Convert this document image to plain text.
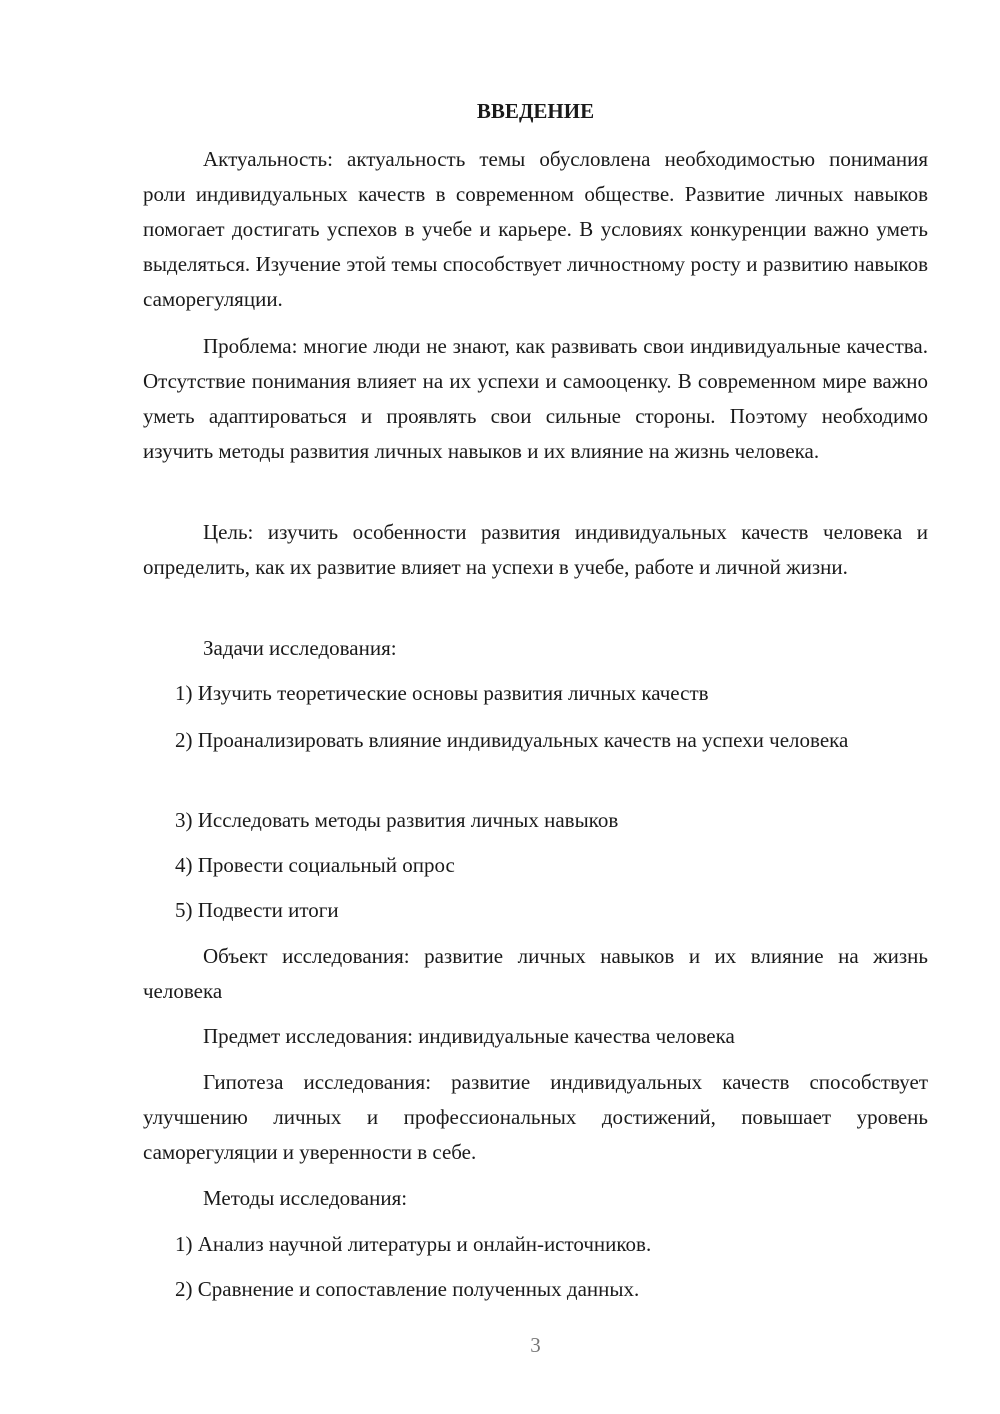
ВВЕДЕНИЕ

Актуальность: актуальность темы обусловлена необходимостью понимания роли индивидуальных качеств в современном обществе. Развитие личных навыков помогает достигать успехов в учебе и карьере. В условиях конкуренции важно уметь выделяться. Изучение этой темы способствует личностному росту и развитию навыков саморегуляции.

Проблема: многие люди не знают, как развивать свои индивидуальные качества. Отсутствие понимания влияет на их успехи и самооценку. В современном мире важно уметь адаптироваться и проявлять свои сильные стороны. Поэтому необходимо изучить методы развития личных навыков и их влияние на жизнь человека.

Цель: изучить особенности развития индивидуальных качеств человека и определить, как их развитие влияет на успехи в учебе, работе и личной жизни.

Задачи исследования:

1) Изучить теоретические основы развития личных качеств

2) Проанализировать влияние индивидуальных качеств на успехи человека

3) Исследовать методы развития личных навыков

4) Провести социальный опрос

5) Подвести итоги

Объект исследования: развитие личных навыков и их влияние на жизнь человека

Предмет исследования: индивидуальные качества человека

Гипотеза исследования: развитие индивидуальных качеств способствует улучшению личных и профессиональных достижений, повышает уровень саморегуляции и уверенности в себе.

Методы исследования:

1) Анализ научной литературы и онлайн-источников.

2) Сравнение и сопоставление полученных данных.

3
